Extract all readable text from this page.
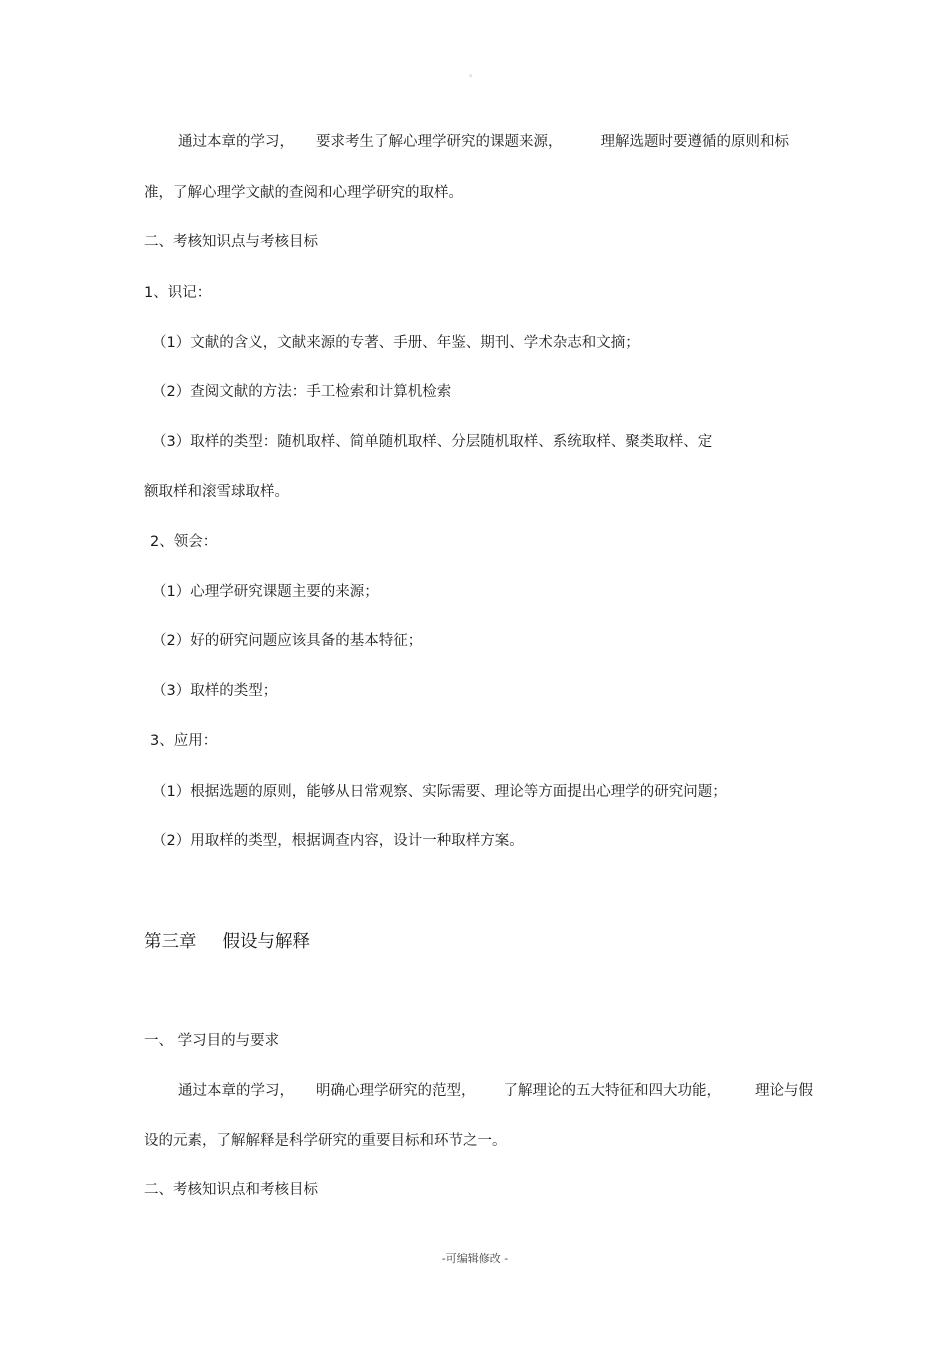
。
通过本章的学习， 要求考生了解心理学研究的课题来源，	理解选题时要遵循的原则和标
准，了解心理学文献的查阅和心理学研究的取样。
二、考核知识点与考核目标
1、识记：
（1）文献的含义，文献来源的专著、手册、年鉴、期刊、学术杂志和文摘；
（2）查阅文献的方法：手工检索和计算机检索
（3）取样的类型：随机取样、简单随机取样、分层随机取样、系统取样、聚类取样、定
额取样和滚雪球取样。
2、领会：
（1）心理学研究课题主要的来源；
（2）好的研究问题应该具备的基本特征；
（3）取样的类型；
3、应用：
（1）根据选题的原则，能够从日常观察、实际需要、理论等方面提出心理学的研究问题；
（2）用取样的类型，根据调查内容，设计一种取样方案。
第三章 假设与解释
一、 学习目的与要求
通过本章的学习， 明确心理学研究的范型， 了解理论的五大特征和四大功能， 理论与假
设的元素，了解解释是科学研究的重要目标和环节之一。
二、考核知识点和考核目标
-可编辑修改 -
